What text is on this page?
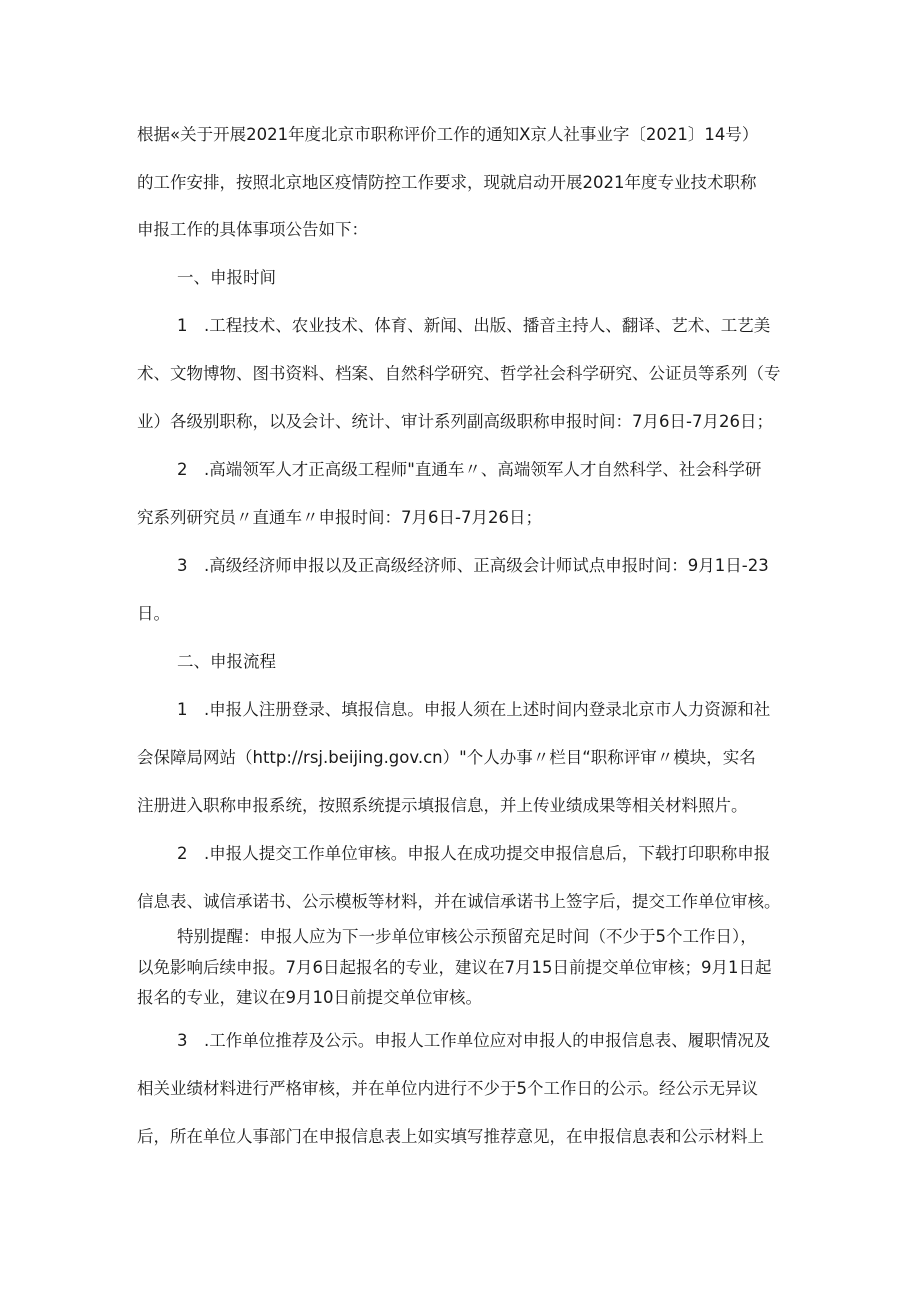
根据«关于开展2021年度北京市职称评价工作的通知X京人社事业字〔2021〕14号）
的工作安排，按照北京地区疫情防控工作要求，现就启动开展2021年度专业技术职称
申报工作的具体事项公告如下：
一、申报时间
1　.工程技术、农业技术、体育、新闻、出版、播音主持人、翻译、艺术、工艺美
术、文物博物、图书资料、档案、自然科学研究、哲学社会科学研究、公证员等系列（专
业）各级别职称，以及会计、统计、审计系列副高级职称申报时间：7月6日-7月26日；
2　.高端领军人才正高级工程师"直通车〃、高端领军人才自然科学、社会科学研
究系列研究员〃直通车〃申报时间：7月6日-7月26日；
3　.高级经济师申报以及正高级经济师、正高级会计师试点申报时间：9月1日-23
日。
二、申报流程
1　.申报人注册登录、填报信息。申报人须在上述时间内登录北京市人力资源和社
会保障局网站（http://rsj.beijing.gov.cn）"个人办事〃栏目“职称评审〃模块，实名
注册进入职称申报系统，按照系统提示填报信息，并上传业绩成果等相关材料照片。
2　.申报人提交工作单位审核。申报人在成功提交申报信息后，下载打印职称申报
信息表、诚信承诺书、公示模板等材料，并在诚信承诺书上签字后，提交工作单位审核。
特别提醒：申报人应为下一步单位审核公示预留充足时间（不少于5个工作日），
以免影响后续申报。7月6日起报名的专业，建议在7月15日前提交单位审核；9月1日起
报名的专业，建议在9月10日前提交单位审核。
3　.工作单位推荐及公示。申报人工作单位应对申报人的申报信息表、履职情况及
相关业绩材料进行严格审核，并在单位内进行不少于5个工作日的公示。经公示无异议
后，所在单位人事部门在申报信息表上如实填写推荐意见，在申报信息表和公示材料上
